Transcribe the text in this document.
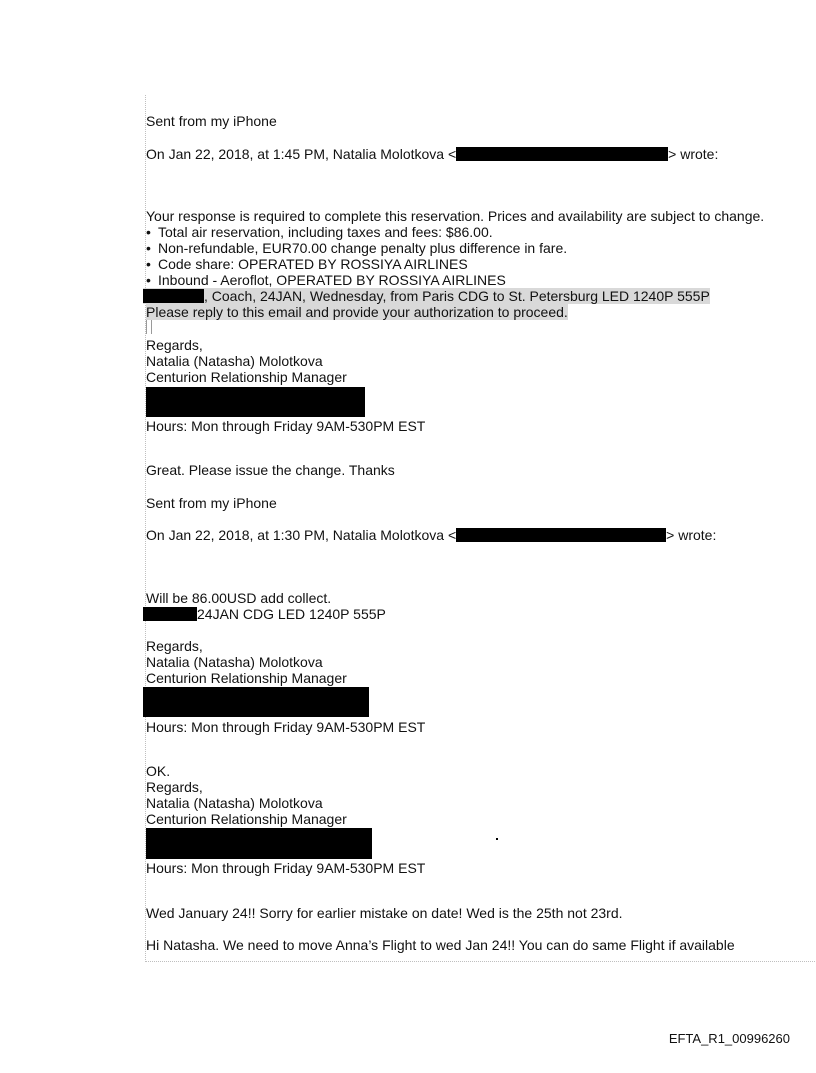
Sent from my iPhone
On Jan 22, 2018, at 1:45 PM, Natalia Molotkova <	> wrote:
Your response is required to complete this reservation. Prices and availability are subject to change.
• Total air reservation, including taxes and fees: $86.00.
• Non-refundable, EUR70.00 change penalty plus difference in fare.
• Code share: OPERATED BY ROSSIYA AIRLINES
• Inbound - Aeroflot, OPERATED BY ROSSIYA AIRLINES
, Coach, 24JAN, Wednesday, from Paris CDG to St. Petersburg LED 1240P 555P
Please reply to this email and provide your authorization to proceed.
Regards,
Natalia (Natasha) Molotkova
Centurion Relationship Manager
Hours: Mon through Friday 9AM-530PM EST
Great. Please issue the change. Thanks
Sent from my iPhone
On Jan 22, 2018, at 1:30 PM, Natalia Molotkova <	> wrote:
Will be 86.00USD add collect.
24JAN CDG LED 1240P 555P
Regards,
Natalia (Natasha) Molotkova
Centurion Relationship Manager
Hours: Mon through Friday 9AM-530PM EST
OK.
Regards,
Natalia (Natasha) Molotkova
Centurion Relationship Manager
Hours: Mon through Friday 9AM-530PM EST
Wed January 24!! Sorry for earlier mistake on date! Wed is the 25th not 23rd.
Hi Natasha. We need to move Anna’s Flight to wed Jan 24!! You can do same Flight if available
EFTA_R1_00996260
